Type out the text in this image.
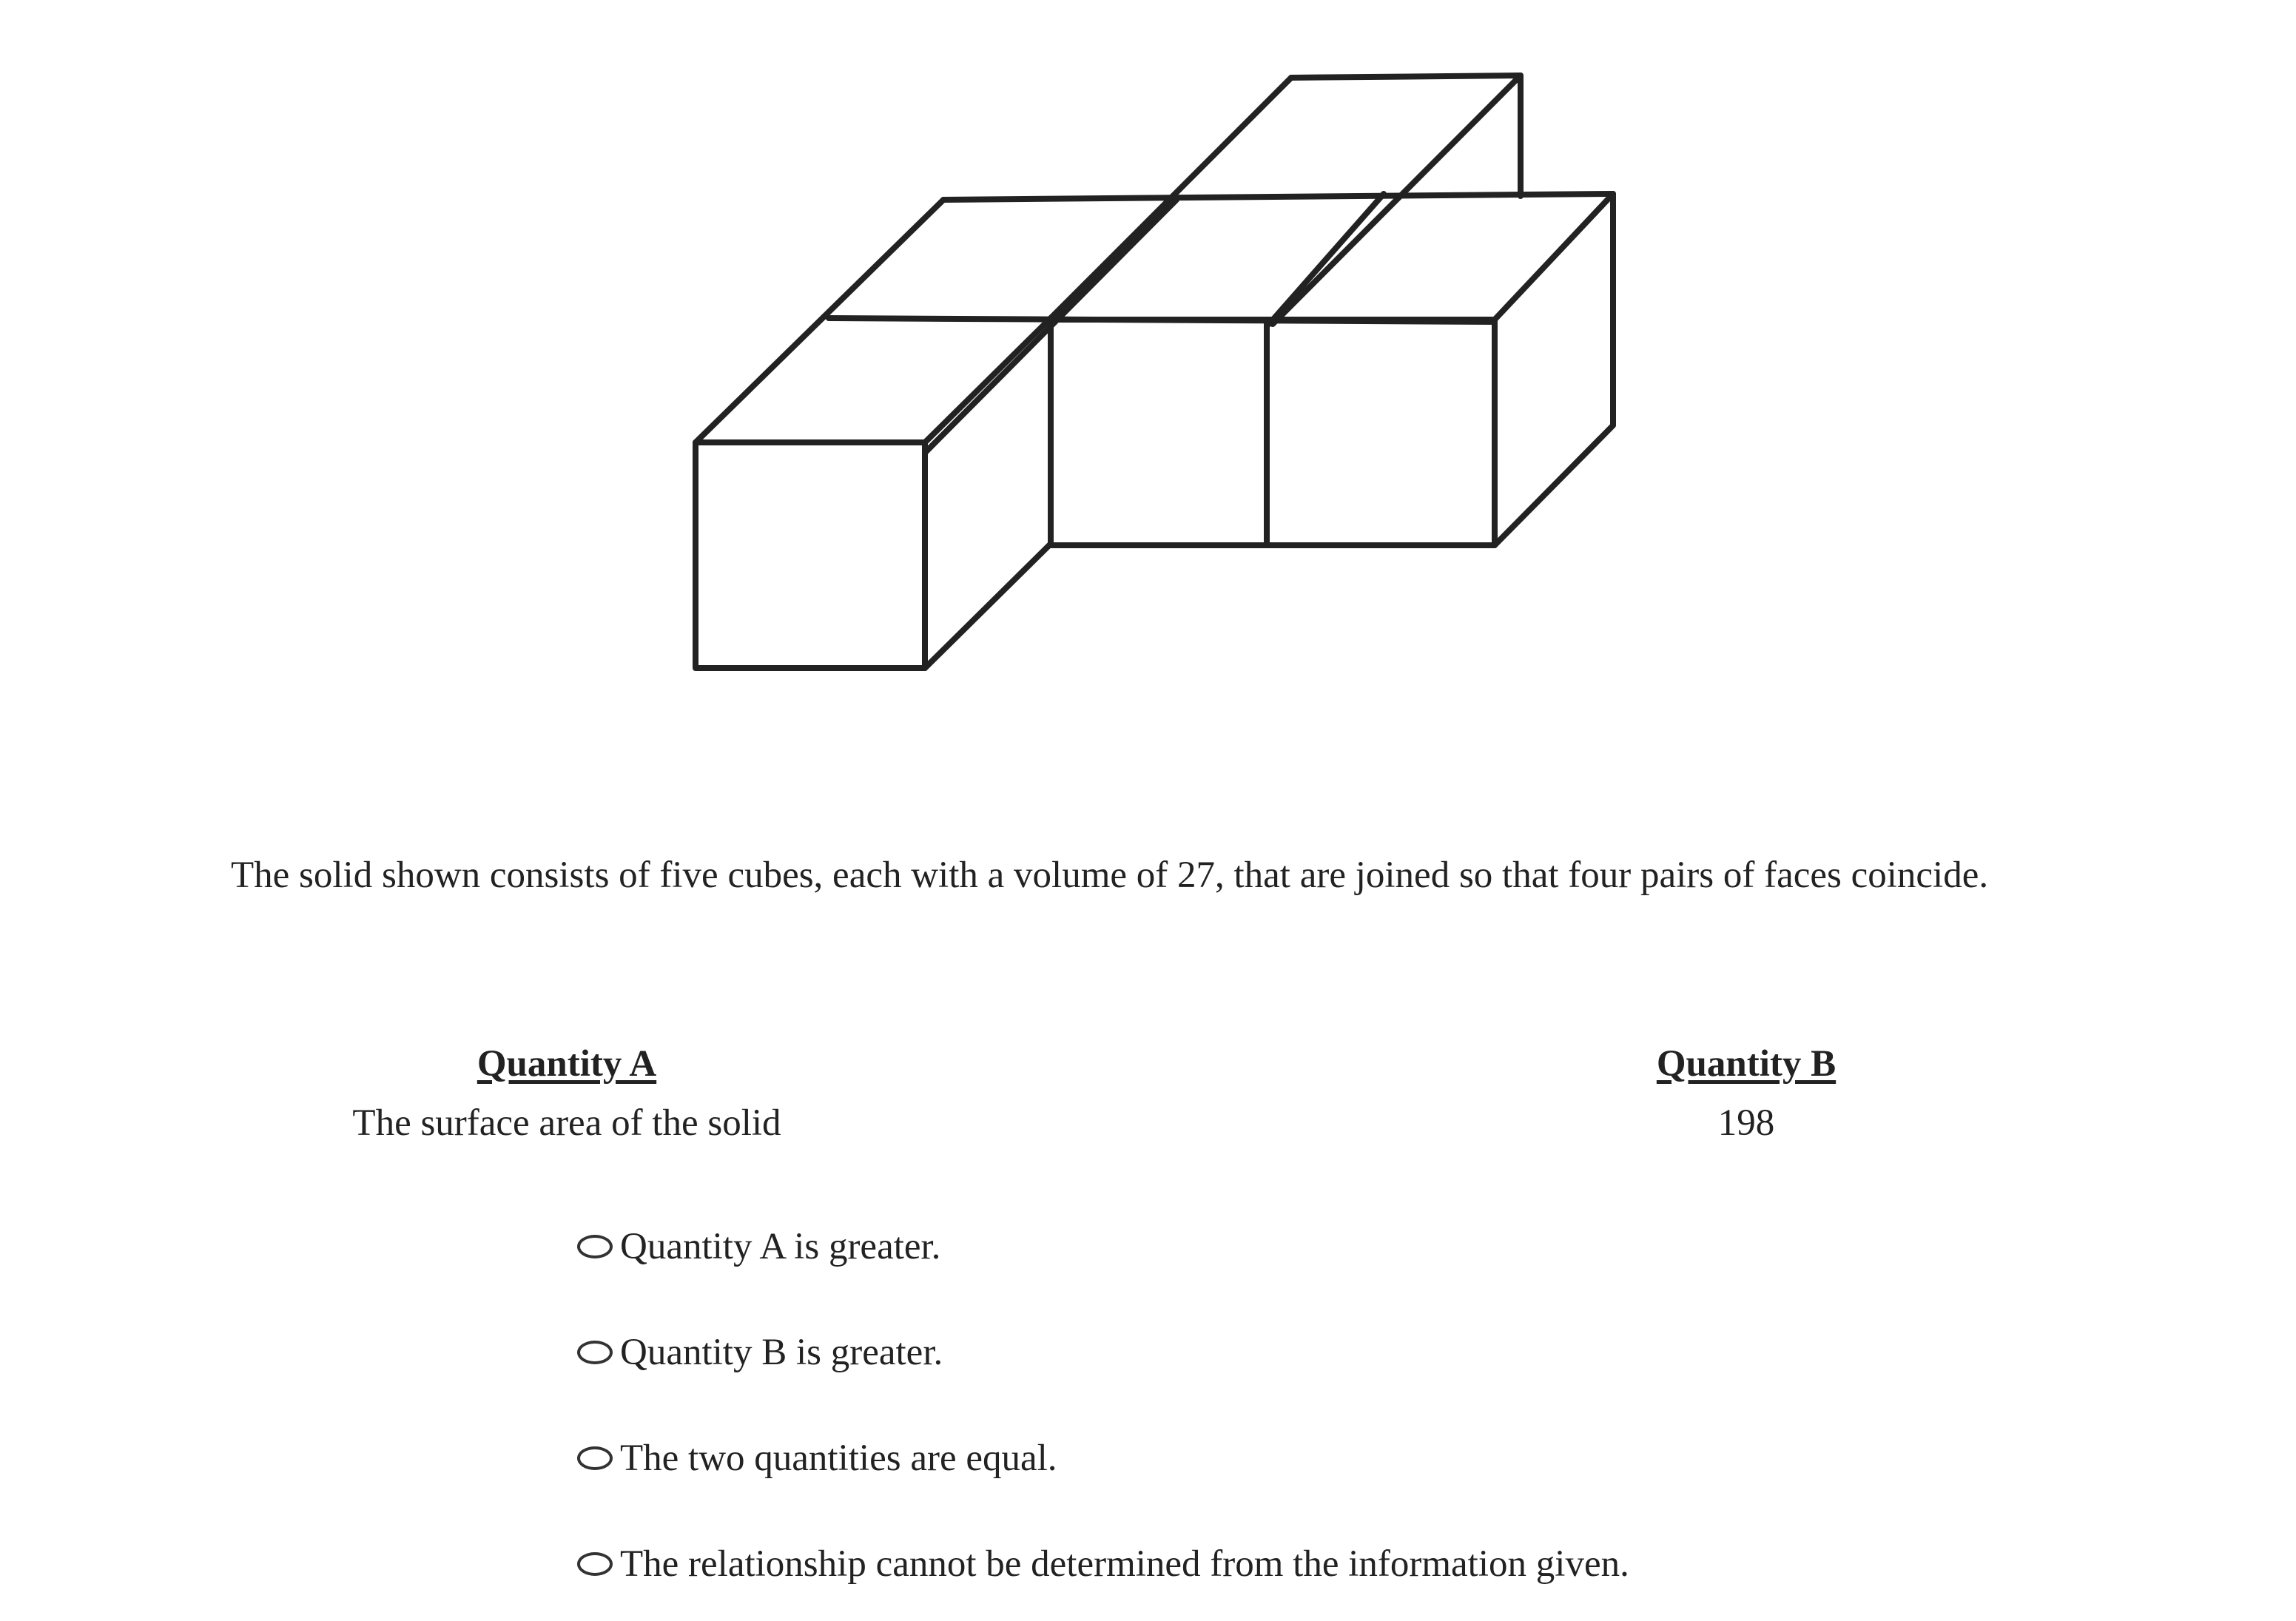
The solid shown consists of five cubes, each with a volume of 27, that are joined so that four pairs of faces coincide.
Quantity A
The surface area of the solid
Quantity B
198
Quantity A is greater.
Quantity B is greater.
The two quantities are equal.
The relationship cannot be determined from the information given.
